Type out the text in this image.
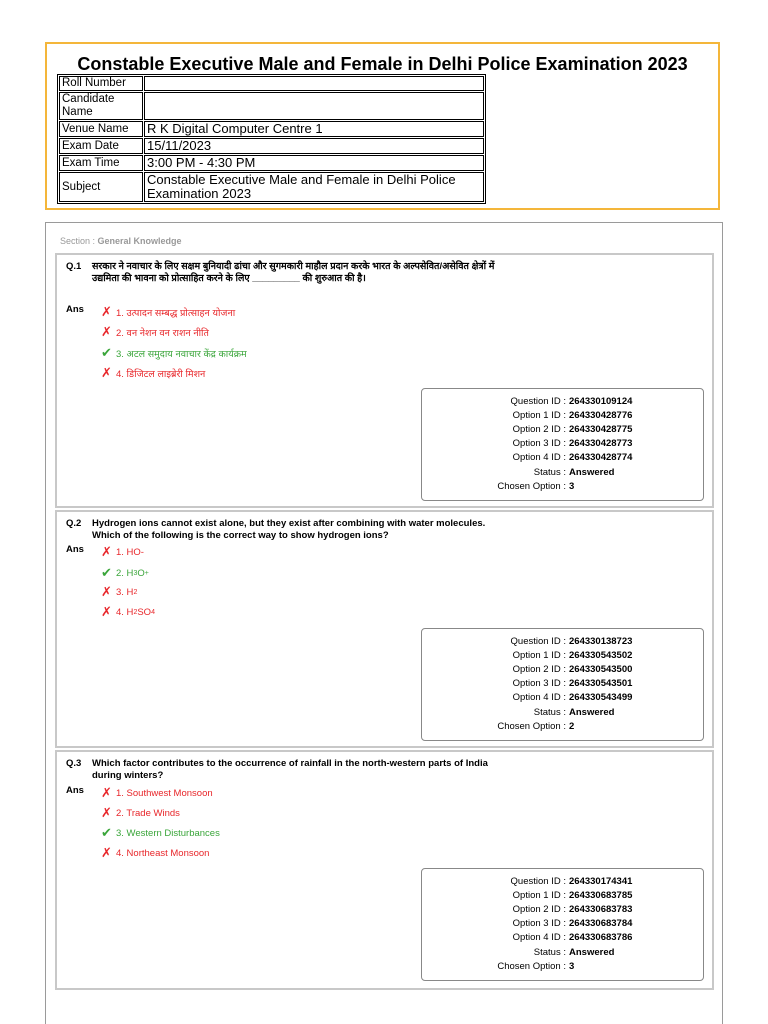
Constable Executive Male and Female in Delhi Police Examination 2023
Roll Number	
Candidate Name	
Venue Name	R K Digital Computer Centre 1
Exam Date	15/11/2023
Exam Time	3:00 PM - 4:30 PM
Subject	Constable Executive Male and Female in Delhi Police Examination 2023
Section : General Knowledge
Q.1 सरकार ने नवाचार के लिए सक्षम बुनियादी ढांचा और सुगमकारी माहौल प्रदान करके भारत के अल्पसेवित/असेवित क्षेत्रों में उद्यमिता की भावना को प्रोत्साहित करने के लिए _________ की शुरुआत की है।
Ans ✗ 1. उत्पादन सम्बद्ध प्रोत्साहन योजना
✗ 2. वन नेशन वन राशन नीति
✔ 3. अटल समुदाय नवाचार केंद्र कार्यक्रम
✗ 4. डिजिटल लाइब्रेरी मिशन
Question ID : 264330109124
Option 1 ID : 264330428776
Option 2 ID : 264330428775
Option 3 ID : 264330428773
Option 4 ID : 264330428774
Status : Answered
Chosen Option : 3
Q.2 Hydrogen ions cannot exist alone, but they exist after combining with water molecules. Which of the following is the correct way to show hydrogen ions?
Ans ✗ 1. HO-
✔ 2. H 3 O +
✗ 3. H 2
✗ 4. H 2 SO 4
Question ID : 264330138723
Option 1 ID : 264330543502
Option 2 ID : 264330543500
Option 3 ID : 264330543501
Option 4 ID : 264330543499
Status : Answered
Chosen Option : 2
Q.3 Which factor contributes to the occurrence of rainfall in the north-western parts of India during winters?
Ans ✗ 1. Southwest Monsoon
✗ 2. Trade Winds
✔ 3. Western Disturbances
✗ 4. Northeast Monsoon
Question ID : 264330174341
Option 1 ID : 264330683785
Option 2 ID : 264330683783
Option 3 ID : 264330683784
Option 4 ID : 264330683786
Status : Answered
Chosen Option : 3
